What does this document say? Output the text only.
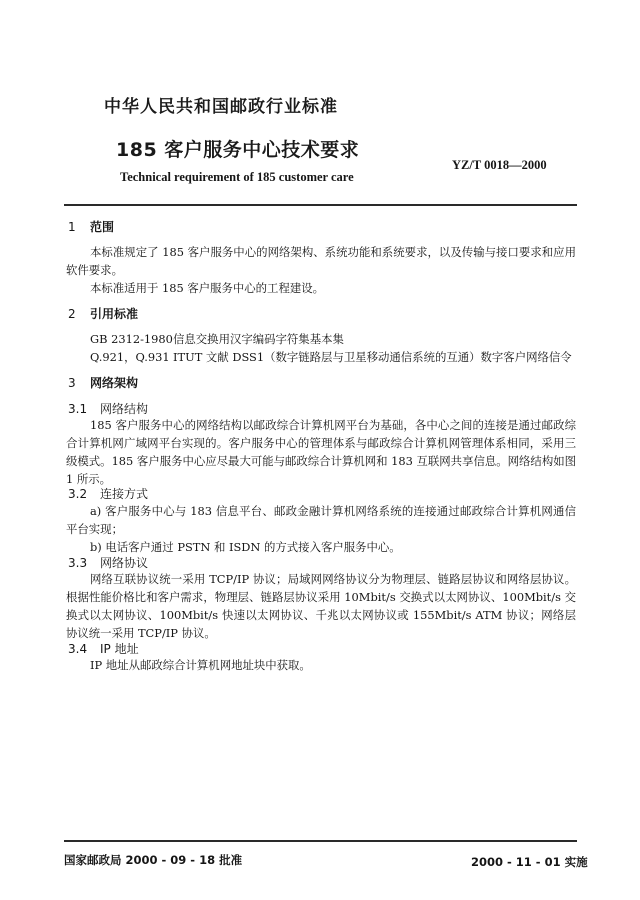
中华人民共和国邮政行业标准
185 客户服务中心技术要求
YZ/T 0018—2000
Technical requirement of 185 customer care
1 范围
本标准规定了 185 客户服务中心的网络架构、系统功能和系统要求，以及传输与接口要求和应用软件要求。
本标准适用于 185 客户服务中心的工程建设。
2 引用标准
GB 2312-1980信息交换用汉字编码字符集基本集
Q.921，Q.931 ITUT 文献 DSS1（数字链路层与卫星移动通信系统的互通）数字客户网络信令
3 网络架构
3.1 网络结构
185 客户服务中心的网络结构以邮政综合计算机网平台为基础，各中心之间的连接是通过邮政综合计算机网广域网平台实现的。客户服务中心的管理体系与邮政综合计算机网管理体系相同，采用三级模式。185 客户服务中心应尽最大可能与邮政综合计算机网和 183 互联网共享信息。网络结构如图 1 所示。
3.2 连接方式
a) 客户服务中心与 183 信息平台、邮政金融计算机网络系统的连接通过邮政综合计算机网通信平台实现；
b) 电话客户通过 PSTN 和 ISDN 的方式接入客户服务中心。
3.3 网络协议
网络互联协议统一采用 TCP/IP 协议；局域网网络协议分为物理层、链路层协议和网络层协议。根据性能价格比和客户需求，物理层、链路层协议采用 10Mbit/s 交换式以太网协议、100Mbit/s 交换式以太网协议、100Mbit/s 快速以太网协议、千兆以太网协议或 155Mbit/s ATM 协议；网络层协议统一采用 TCP/IP 协议。
3.4 IP 地址
IP 地址从邮政综合计算机网地址块中获取。
国家邮政局 2000 - 09 - 18 批准	2000 - 11 - 01 实施
